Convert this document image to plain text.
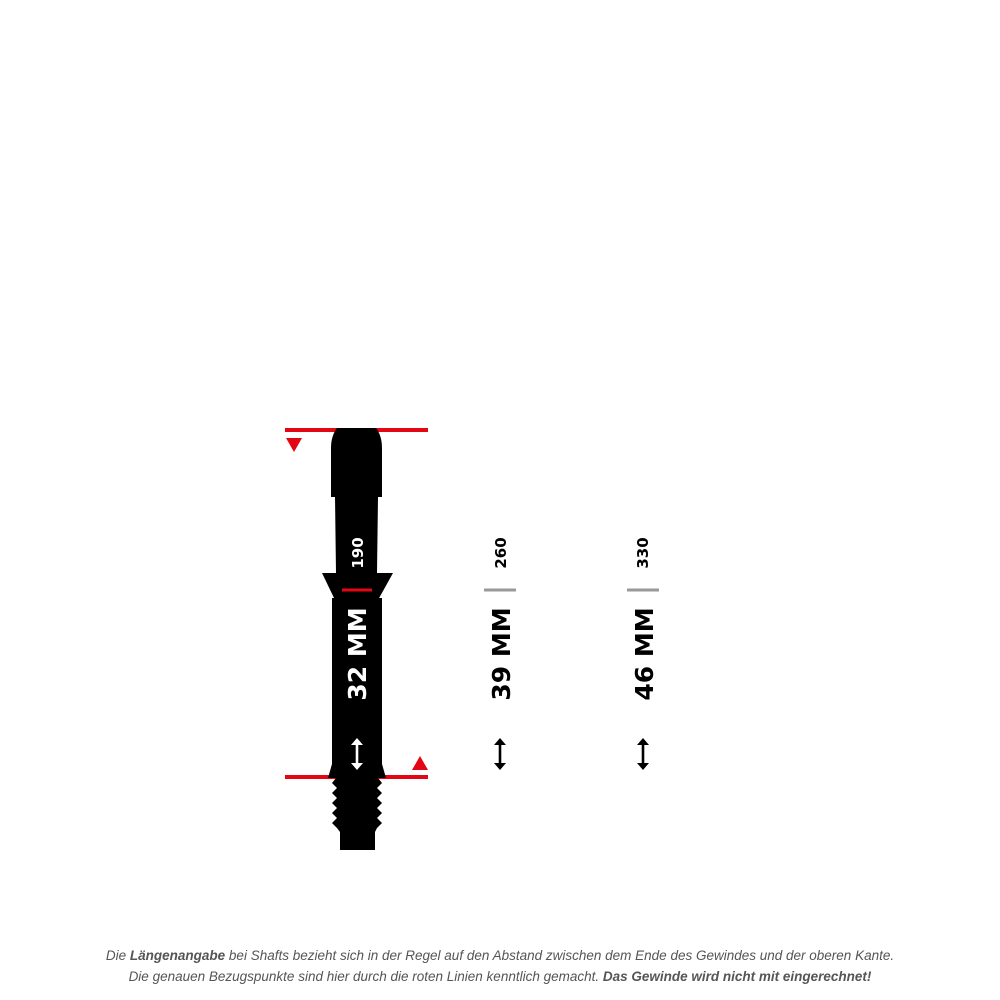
190
32 MM
260
39 MM
330
46 MM
Die Längenangabe bei Shafts bezieht sich in der Regel auf den Abstand zwischen dem Ende des Gewindes und der oberen Kante.
Die genauen Bezugspunkte sind hier durch die roten Linien kenntlich gemacht. Das Gewinde wird nicht mit eingerechnet!
